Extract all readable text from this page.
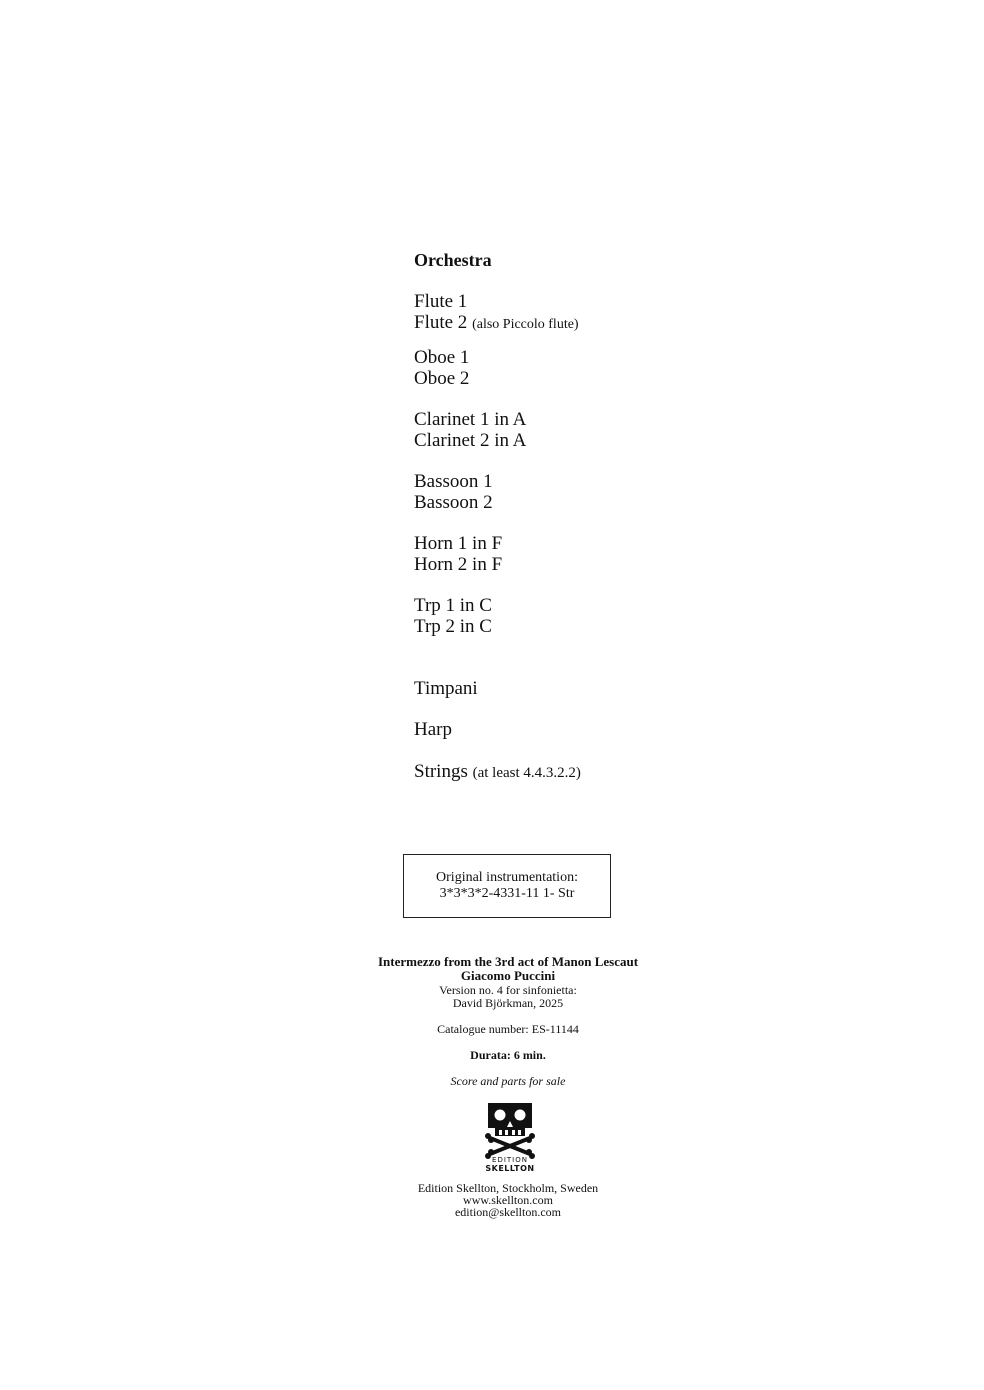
Orchestra
Flute 1
Flute 2 (also Piccolo flute)
Oboe 1
Oboe 2
Clarinet 1 in A
Clarinet 2 in A
Bassoon 1
Bassoon 2
Horn 1 in F
Horn 2 in F
Trp 1 in C
Trp 2 in C
Timpani
Harp
Strings (at least 4.4.3.2.2)
Original instrumentation:
3*3*3*2-4331-11 1- Str
Intermezzo from the 3rd act of Manon Lescaut
Giacomo Puccini
Version no. 4 for sinfonietta:
David Björkman, 2025
Catalogue number: ES-11144
Durata: 6 min.
Score and parts for sale
EDITION
SKELLTON
Edition Skellton, Stockholm, Sweden
www.skellton.com
edition@skellton.com
